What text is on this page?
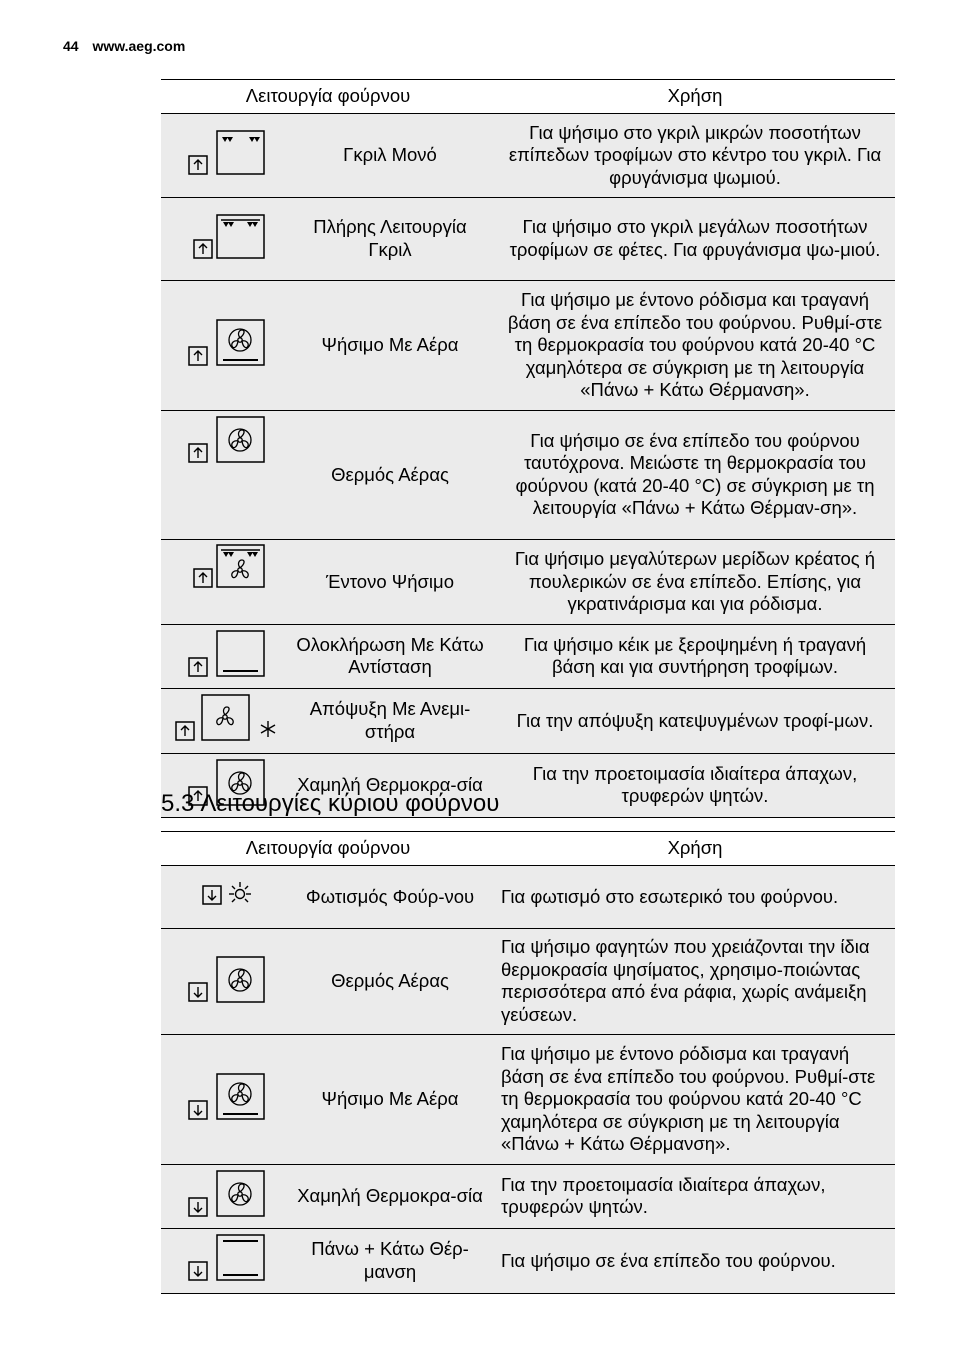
44 www.aeg.com
Λειτουργία φούρνου		Χρήση
	Γκριλ Μονό	Για ψήσιμο στο γκριλ μικρών ποσοτήτων επίπεδων τροφίμων στο κέντρο του γκριλ. Για φρυγάνισμα ψωμιού.
	Πλήρης Λειτουργία Γκριλ	Για ψήσιμο στο γκριλ μεγάλων ποσοτήτων τροφίμων σε φέτες. Για φρυγάνισμα ψω-μιού.
	Ψήσιμο Με Αέρα	Για ψήσιμο με έντονο ρόδισμα και τραγανή βάση σε ένα επίπεδο του φούρνου. Ρυθμί-στε τη θερμοκρασία του φούρνου κατά 20-40 °C χαμηλότερα σε σύγκριση με τη λειτουργία «Πάνω + Κάτω Θέρμανση».
	Θερμός Αέρας	Για ψήσιμο σε ένα επίπεδο του φούρνου ταυτόχρονα. Μειώστε τη θερμοκρασία του φούρνου (κατά 20-40 °C) σε σύγκριση με τη λειτουργία «Πάνω + Κάτω Θέρμαν-ση».
	Έντονο Ψήσιμο	Για ψήσιμο μεγαλύτερων μερίδων κρέατος ή πουλερικών σε ένα επίπεδο. Επίσης, για γκρατινάρισμα και για ρόδισμα.
	Ολοκλήρωση Με Κάτω Αντίσταση	Για ψήσιμο κέικ με ξεροψημένη ή τραγανή βάση και για συντήρηση τροφίμων.
	Απόψυξη Με Ανεμι-στήρα	Για την απόψυξη κατεψυγμένων τροφί-μων.
	Χαμηλή Θερμοκρα-σία	Για την προετοιμασία ιδιαίτερα άπαχων, τρυφερών ψητών.
5.3 Λειτουργίες κύριου φούρνου
Λειτουργία φούρνου		Χρήση
	Φωτισμός Φούρ-νου	Για φωτισμό στο εσωτερικό του φούρνου.
	Θερμός Αέρας	Για ψήσιμο φαγητών που χρειάζονται την ίδια θερμοκρασία ψησίματος, χρησιμο-ποιώντας περισσότερα από ένα ράφια, χωρίς ανάμειξη γεύσεων.
	Ψήσιμο Με Αέρα	Για ψήσιμο με έντονο ρόδισμα και τραγανή βάση σε ένα επίπεδο του φούρνου. Ρυθμί-στε τη θερμοκρασία του φούρνου κατά 20-40 °C χαμηλότερα σε σύγκριση με τη λειτουργία «Πάνω + Κάτω Θέρμανση».
	Χαμηλή Θερμοκρα-σία	Για την προετοιμασία ιδιαίτερα άπαχων, τρυφερών ψητών.
	Πάνω + Κάτω Θέρ-μανση	Για ψήσιμο σε ένα επίπεδο του φούρνου.
